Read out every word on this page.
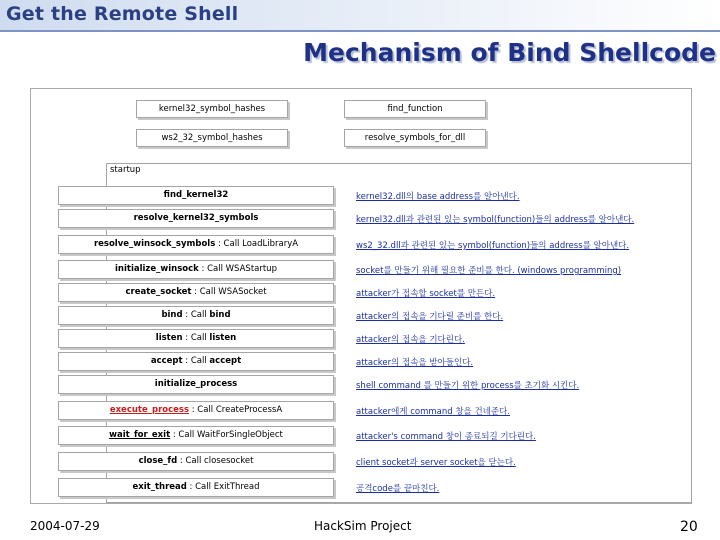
Get the Remote Shell
Mechanism of Bind Shellcode
kernel32_symbol_hashes
ws2_32_symbol_hashes
find_function
resolve_symbols_for_dll
startup
find_kernel32	kernel32.dll의 base address를 알아낸다.
resolve_kernel32_symbols	kernel32.dll과 관련된 있는 symbol(function)들의 address를 알아낸다.
resolve_winsock_symbols : Call LoadLibraryA	ws2_32.dll과 관련된 있는 symbol(function)들의 address를 알아낸다.
initialize_winsock : Call WSAStartup	socket를 만들기 위해 필요한 준비를 한다. (windows programming)
create_socket : Call WSASocket	attacker가 접속할 socket를 만든다.
bind : Call bind	attacker의 접속을 기다릴 준비를 한다.
listen : Call listen	attacker의 접속을 기다린다.
accept : Call accept	attacker의 접속을 받아들인다.
initialize_process	shell command 를 만들기 위한 process를 초기화 시킨다.
execute_process : Call CreateProcessA	attacker에게 command 창을 건네준다.
wait_for_exit : Call WaitForSingleObject	attacker's command 창이 종료되길 기다린다.
close_fd : Call closesocket	client socket과 server socket을 닫는다.
exit_thread : Call ExitThread	공격code를 끝마친다.
2004-07-29	HackSim Project	20
